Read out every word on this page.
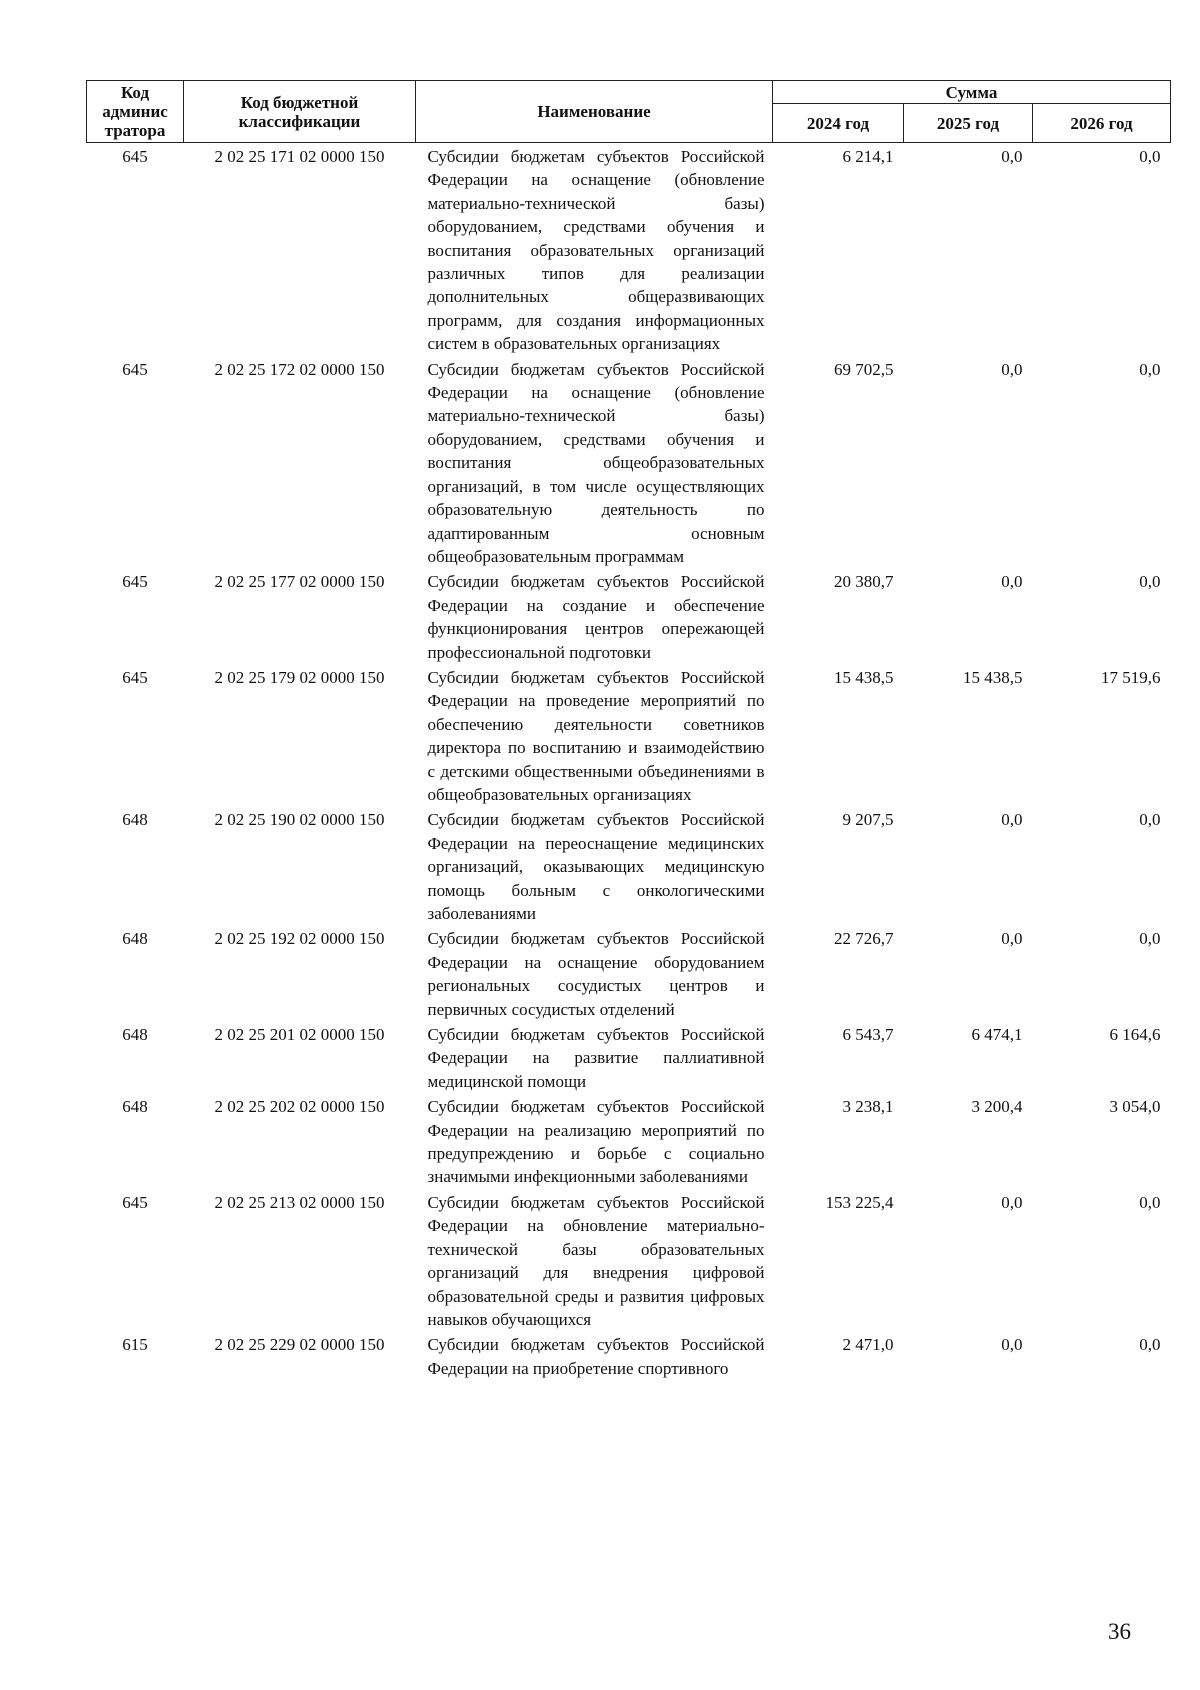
Код админис тратора	Код бюджетной классификации	Наименование	Сумма		
			2024 год	2025 год	2026 год
645	2 02 25 171 02 0000 150	Субсидии бюджетам субъектов Российской Федерации на оснащение (обновление материально-технической базы) оборудованием, средствами обучения и воспитания образовательных организаций различных типов для реализации дополнительных общеразвивающих программ, для создания информационных систем в образовательных организациях	6 214,1	0,0	0,0
645	2 02 25 172 02 0000 150	Субсидии бюджетам субъектов Российской Федерации на оснащение (обновление материально-технической базы) оборудованием, средствами обучения и воспитания общеобразовательных организаций, в том числе осуществляющих образовательную деятельность по адаптированным основным общеобразовательным программам	69 702,5	0,0	0,0
645	2 02 25 177 02 0000 150	Субсидии бюджетам субъектов Российской Федерации на создание и обеспечение функционирования центров опережающей профессиональной подготовки	20 380,7	0,0	0,0
645	2 02 25 179 02 0000 150	Субсидии бюджетам субъектов Российской Федерации на проведение мероприятий по обеспечению деятельности советников директора по воспитанию и взаимодействию с детскими общественными объединениями в общеобразовательных организациях	15 438,5	15 438,5	17 519,6
648	2 02 25 190 02 0000 150	Субсидии бюджетам субъектов Российской Федерации на переоснащение медицинских организаций, оказывающих медицинскую помощь больным с онкологическими заболеваниями	9 207,5	0,0	0,0
648	2 02 25 192 02 0000 150	Субсидии бюджетам субъектов Российской Федерации на оснащение оборудованием региональных сосудистых центров и первичных сосудистых отделений	22 726,7	0,0	0,0
648	2 02 25 201 02 0000 150	Субсидии бюджетам субъектов Российской Федерации на развитие паллиативной медицинской помощи	6 543,7	6 474,1	6 164,6
648	2 02 25 202 02 0000 150	Субсидии бюджетам субъектов Российской Федерации на реализацию мероприятий по предупреждению и борьбе с социально значимыми инфекционными заболеваниями	3 238,1	3 200,4	3 054,0
645	2 02 25 213 02 0000 150	Субсидии бюджетам субъектов Российской Федерации на обновление материально-технической базы образовательных организаций для внедрения цифровой образовательной среды и развития цифровых навыков обучающихся	153 225,4	0,0	0,0
615	2 02 25 229 02 0000 150	Субсидии бюджетам субъектов Российской Федерации на приобретение спортивного	2 471,0	0,0	0,0
36
